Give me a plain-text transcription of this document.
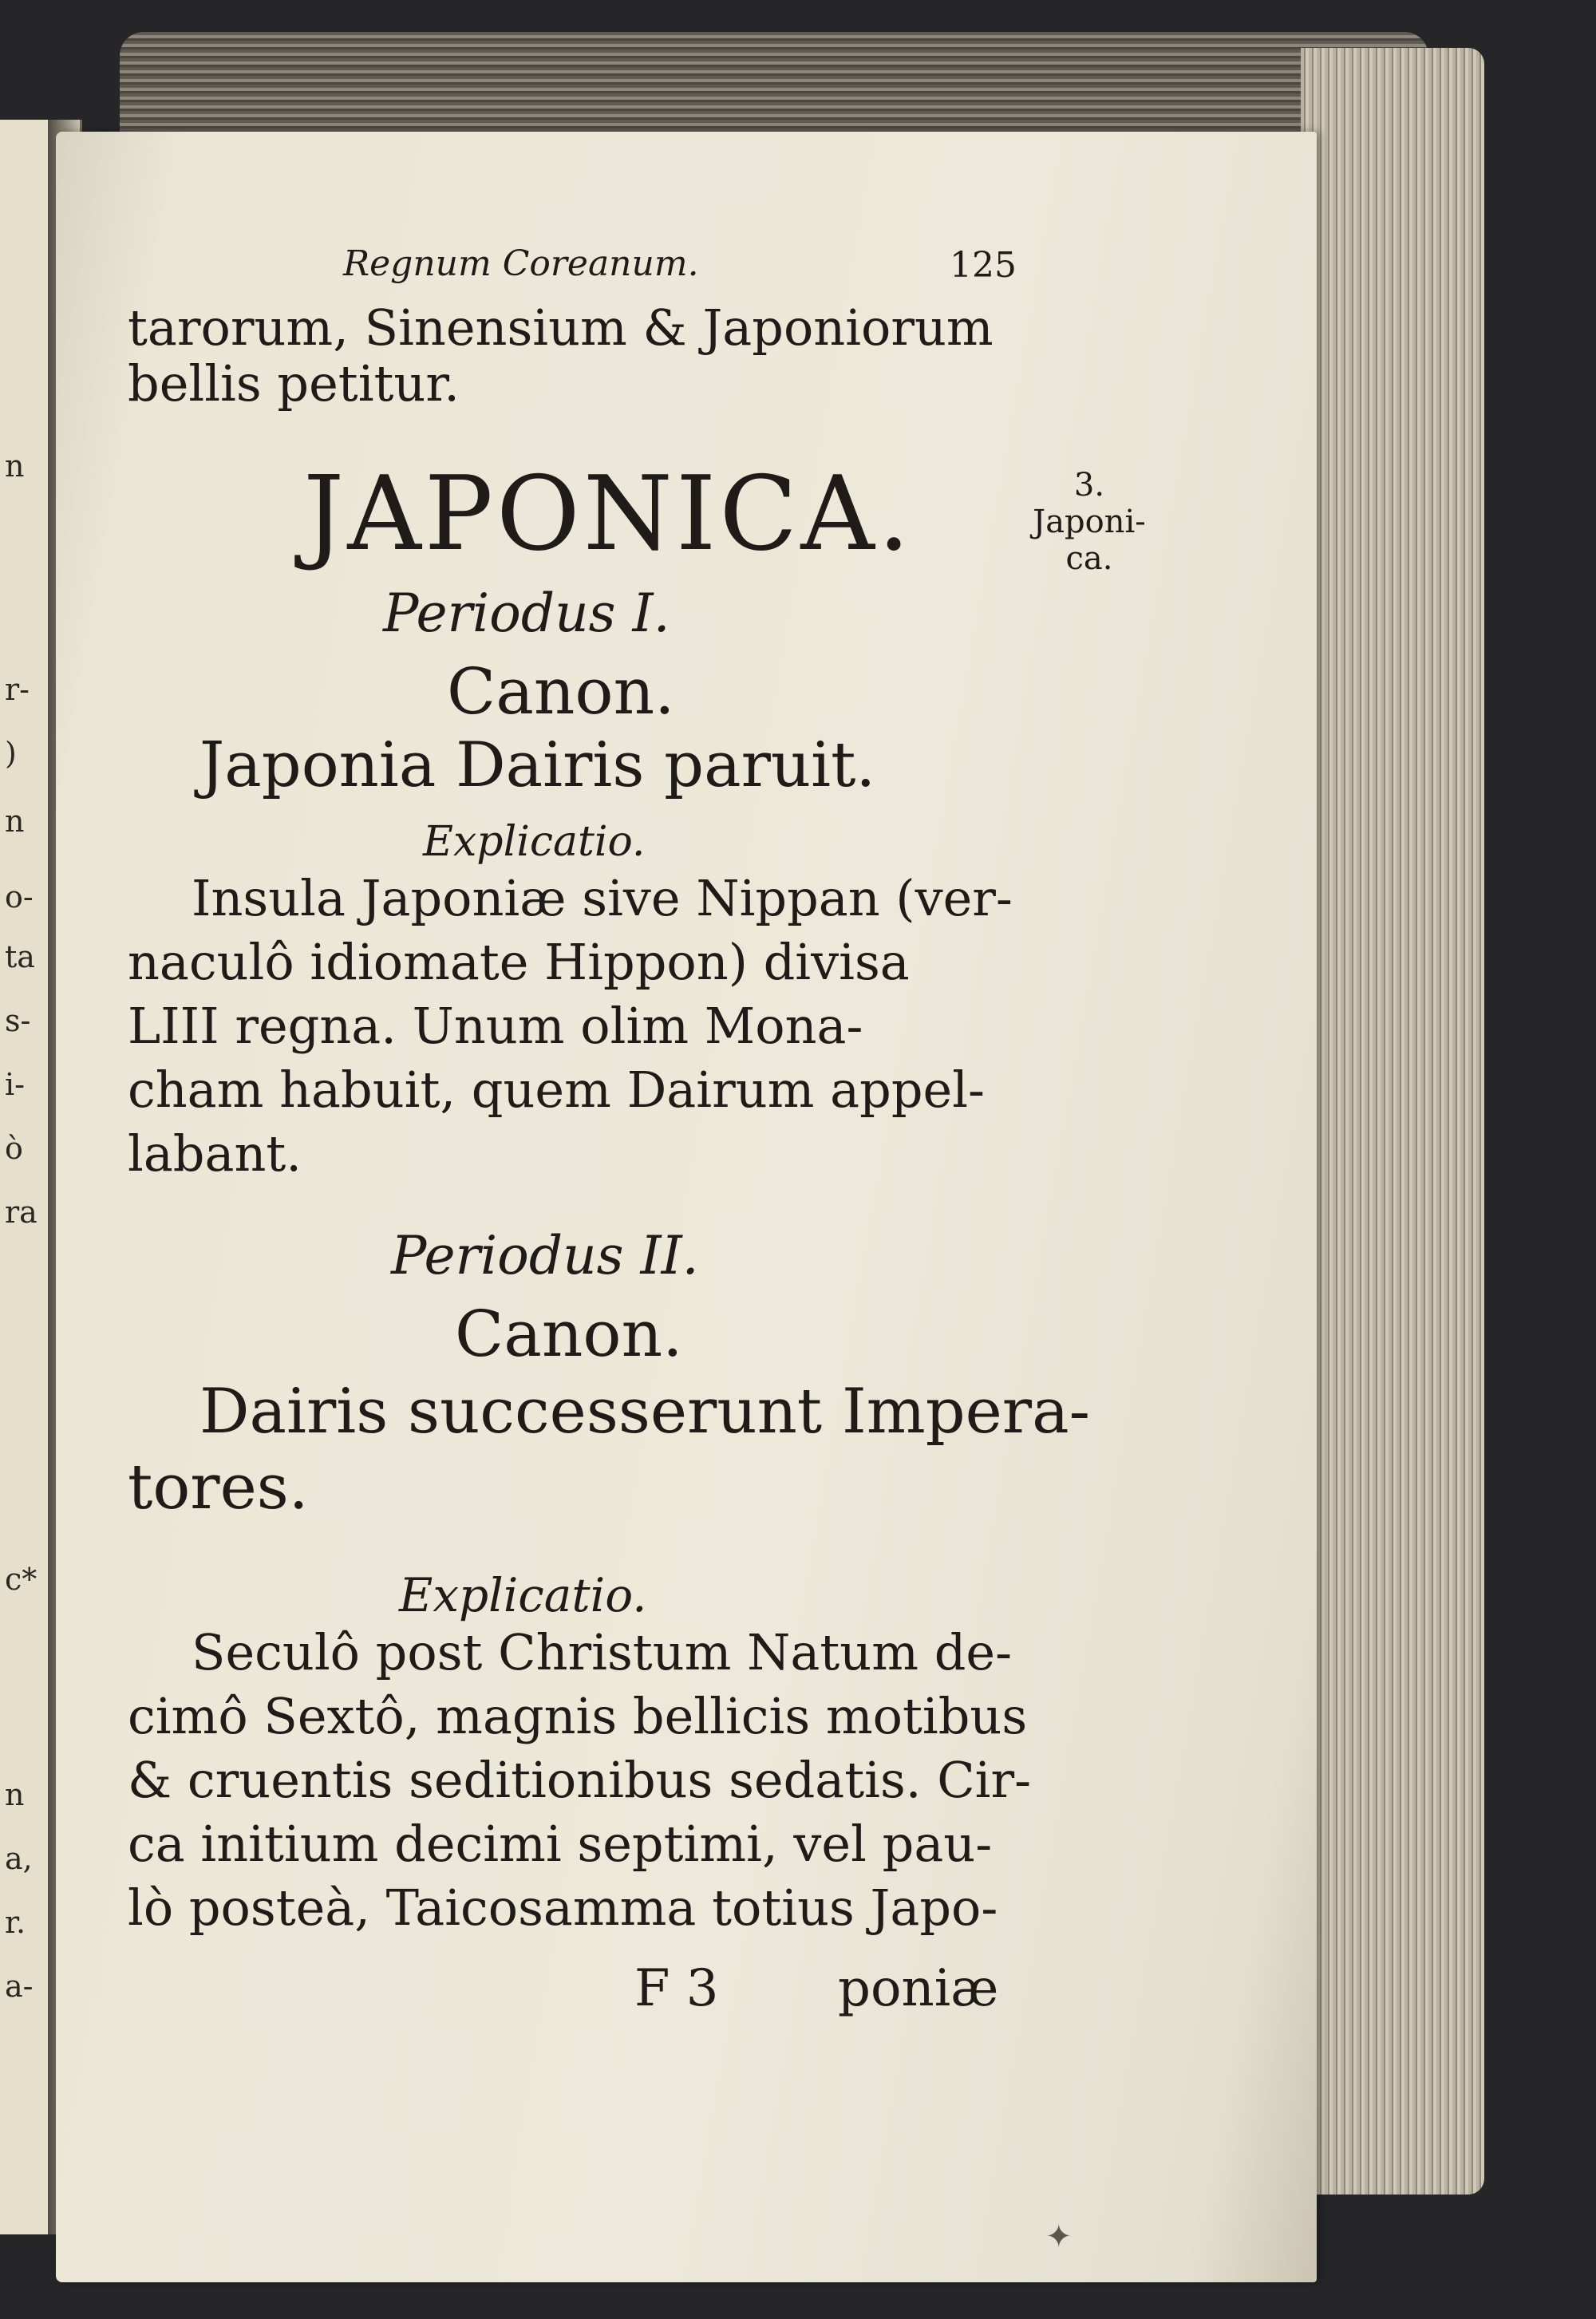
n
r-
)
n
o-
ta
s-
i-
ò
ra
c*
n
a,
r.
a-
Regnum Coreanum.	125
tarorum, Sinensium & Japoniorum
bellis petitur.
JAPONICA.	3.
Japoni-
ca.
Periodus I.
Canon.
Japonia Dairis paruit.
Explicatio.
Insula Japoniæ sive Nippan (ver-
naculô idiomate Hippon) divisa
LIII regna. Unum olim Mona-
cham habuit, quem Dairum appel-
labant.
Periodus II.
Canon.
Dairis successerunt Impera-
tores.
Explicatio.
Seculô post Christum Natum de-
cimô Sextô, magnis bellicis motibus
& cruentis seditionibus sedatis. Cir-
ca initium decimi septimi, vel pau-
lò posteà, Taicosamma totius Japo-
F 3 poniæ
✦
